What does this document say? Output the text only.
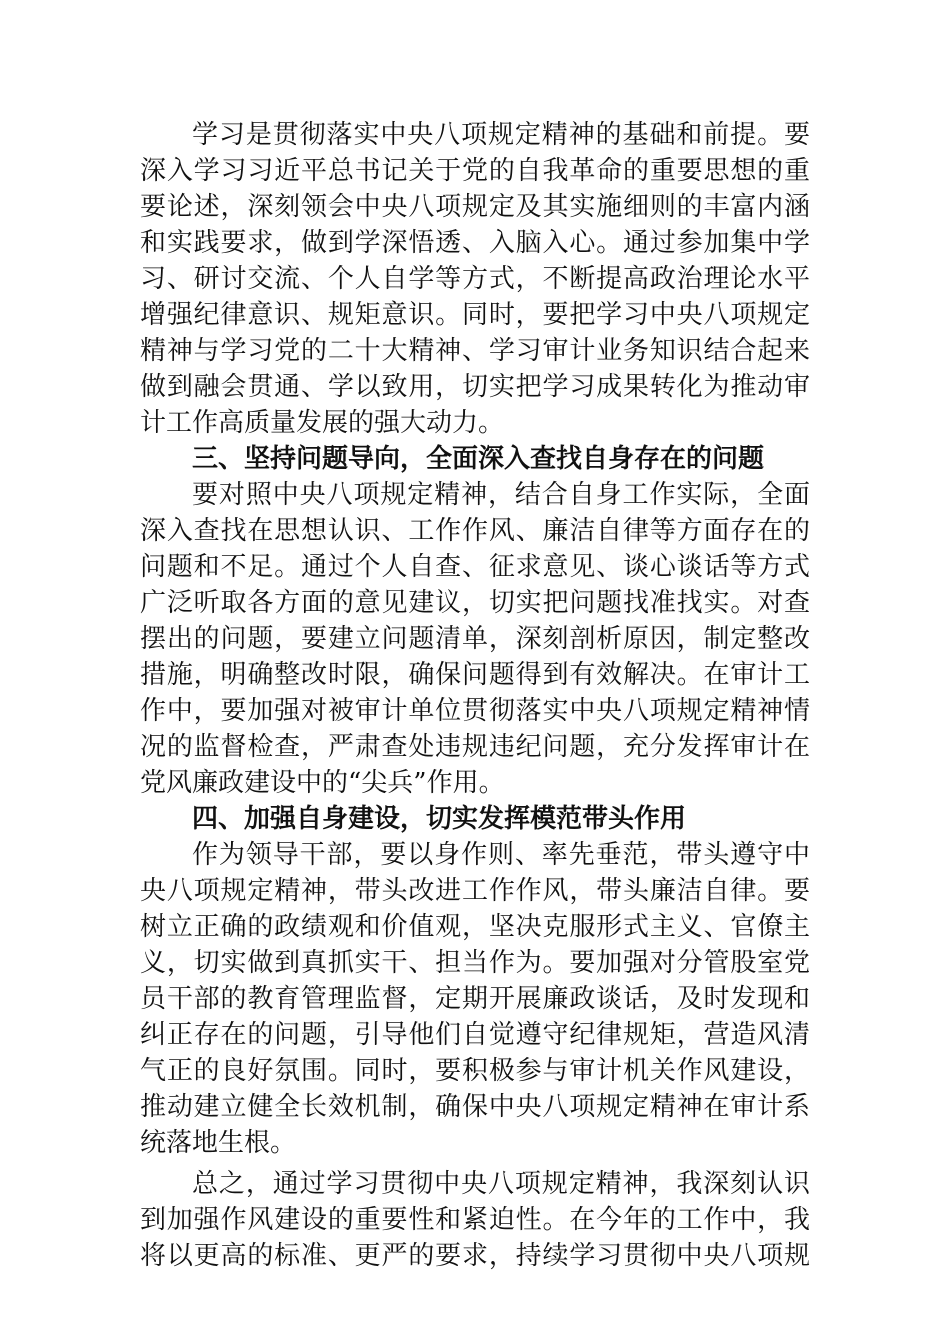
学习是贯彻落实中央八项规定精神的基础和前提。要
深入学习习近平总书记关于党的自我革命的重要思想的重
要论述，深刻领会中央八项规定及其实施细则的丰富内涵
和实践要求，做到学深悟透、入脑入心。通过参加集中学
习、研讨交流、个人自学等方式，不断提高政治理论水平
增强纪律意识、规矩意识。同时，要把学习中央八项规定
精神与学习党的二十大精神、学习审计业务知识结合起来
做到融会贯通、学以致用，切实把学习成果转化为推动审
计工作高质量发展的强大动力。
三、坚持问题导向，全面深入查找自身存在的问题
要对照中央八项规定精神，结合自身工作实际，全面
深入查找在思想认识、工作作风、廉洁自律等方面存在的
问题和不足。通过个人自查、征求意见、谈心谈话等方式
广泛听取各方面的意见建议，切实把问题找准找实。对查
摆出的问题，要建立问题清单，深刻剖析原因，制定整改
措施，明确整改时限，确保问题得到有效解决。在审计工
作中，要加强对被审计单位贯彻落实中央八项规定精神情
况的监督检查，严肃查处违规违纪问题，充分发挥审计在
党风廉政建设中的“尖兵”作用。
四、加强自身建设，切实发挥模范带头作用
作为领导干部，要以身作则、率先垂范，带头遵守中
央八项规定精神，带头改进工作作风，带头廉洁自律。要
树立正确的政绩观和价值观，坚决克服形式主义、官僚主
义，切实做到真抓实干、担当作为。要加强对分管股室党
员干部的教育管理监督，定期开展廉政谈话，及时发现和
纠正存在的问题，引导他们自觉遵守纪律规矩，营造风清
气正的良好氛围。同时，要积极参与审计机关作风建设，
推动建立健全长效机制，确保中央八项规定精神在审计系
统落地生根。
总之，通过学习贯彻中央八项规定精神，我深刻认识
到加强作风建设的重要性和紧迫性。在今年的工作中，我
将以更高的标准、更严的要求，持续学习贯彻中央八项规
